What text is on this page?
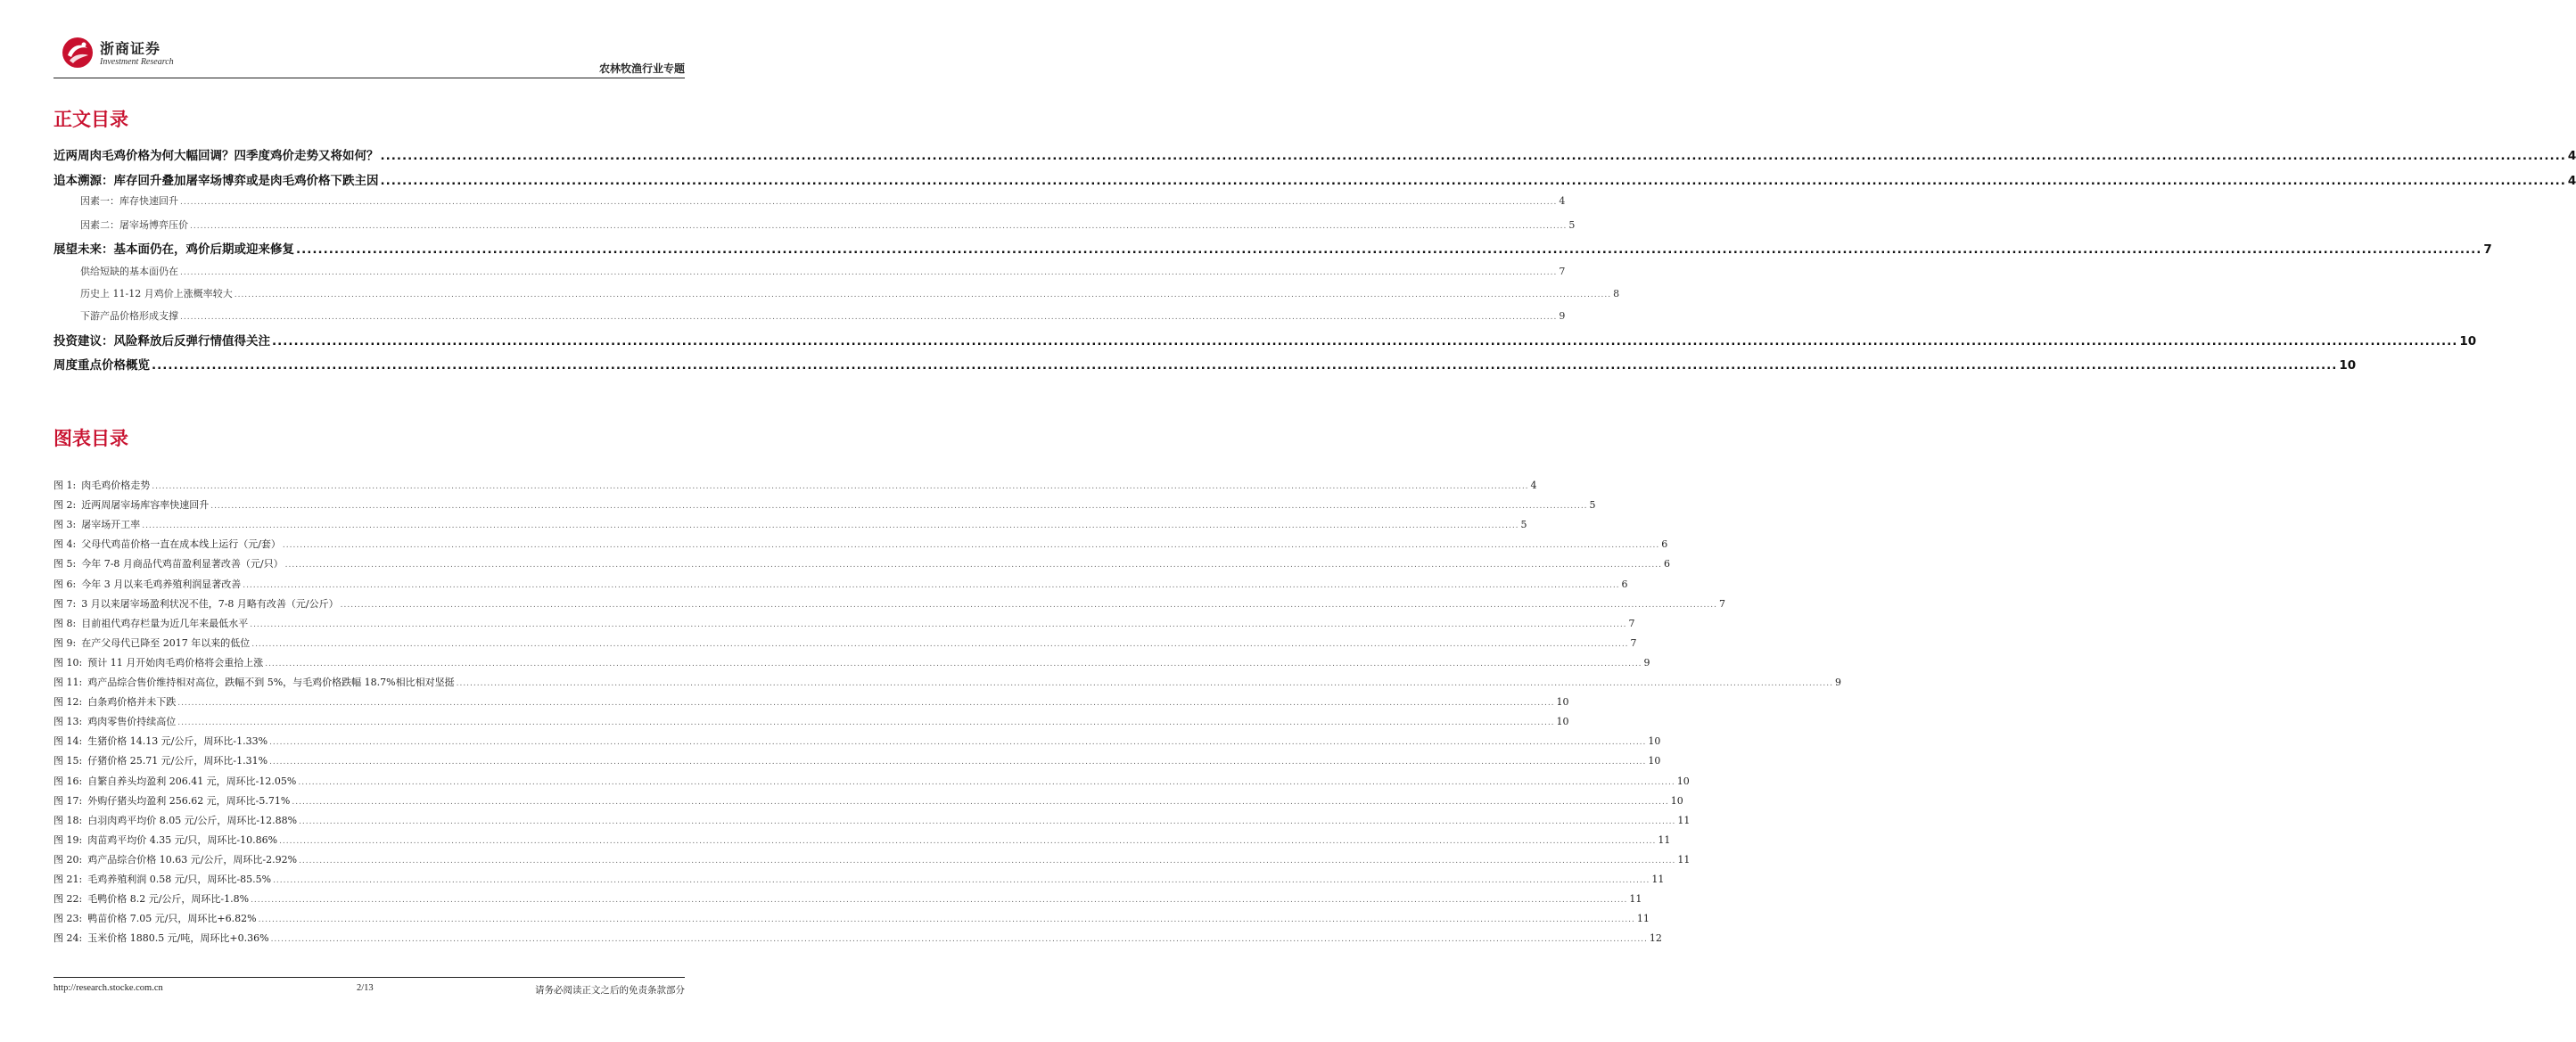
浙商证券
Investment Research
农林牧渔行业专题
正文目录
近两周肉毛鸡价格为何大幅回调？四季度鸡价走势又将如何？ ................................................................................................................................................................................................................................................................................................................................................................................................................ 4
追本溯源：库存回升叠加屠宰场博弈或是肉毛鸡价格下跌主因 ................................................................................................................................................................................................................................................................................................................................................................................................................ 4
因素一：库存快速回升 ................................................................................................................................................................................................................................................................................................................................................................................................................ 4
因素二：屠宰场博弈压价 ................................................................................................................................................................................................................................................................................................................................................................................................................ 5
展望未来：基本面仍在，鸡价后期或迎来修复 ................................................................................................................................................................................................................................................................................................................................................................................................................ 7
供给短缺的基本面仍在 ................................................................................................................................................................................................................................................................................................................................................................................................................ 7
历史上 11-12 月鸡价上涨概率较大 ................................................................................................................................................................................................................................................................................................................................................................................................................ 8
下游产品价格形成支撑 ................................................................................................................................................................................................................................................................................................................................................................................................................ 9
投资建议：风险释放后反弹行情值得关注 ................................................................................................................................................................................................................................................................................................................................................................................................................ 10
周度重点价格概览 ................................................................................................................................................................................................................................................................................................................................................................................................................ 10
图表目录
图 1: 肉毛鸡价格走势 ................................................................................................................................................................................................................................................................................................................................................................................................................ 4
图 2: 近两周屠宰场库容率快速回升 ................................................................................................................................................................................................................................................................................................................................................................................................................ 5
图 3: 屠宰场开工率 ................................................................................................................................................................................................................................................................................................................................................................................................................ 5
图 4: 父母代鸡苗价格一直在成本线上运行（元/套） ................................................................................................................................................................................................................................................................................................................................................................................................................ 6
图 5: 今年 7-8 月商品代鸡苗盈利显著改善（元/只） ................................................................................................................................................................................................................................................................................................................................................................................................................ 6
图 6: 今年 3 月以来毛鸡养殖利润显著改善 ................................................................................................................................................................................................................................................................................................................................................................................................................ 6
图 7: 3 月以来屠宰场盈利状况不佳，7-8 月略有改善（元/公斤） ................................................................................................................................................................................................................................................................................................................................................................................................................ 7
图 8: 目前祖代鸡存栏量为近几年来最低水平 ................................................................................................................................................................................................................................................................................................................................................................................................................ 7
图 9: 在产父母代已降至 2017 年以来的低位 ................................................................................................................................................................................................................................................................................................................................................................................................................ 7
图 10: 预计 11 月开始肉毛鸡价格将会重拾上涨 ................................................................................................................................................................................................................................................................................................................................................................................................................ 9
图 11: 鸡产品综合售价维持相对高位，跌幅不到 5%，与毛鸡价格跌幅 18.7%相比相对坚挺 ................................................................................................................................................................................................................................................................................................................................................................................................................ 9
图 12: 白条鸡价格并未下跌 ................................................................................................................................................................................................................................................................................................................................................................................................................ 10
图 13: 鸡肉零售价持续高位 ................................................................................................................................................................................................................................................................................................................................................................................................................ 10
图 14: 生猪价格 14.13 元/公斤，周环比-1.33% ................................................................................................................................................................................................................................................................................................................................................................................................................ 10
图 15: 仔猪价格 25.71 元/公斤，周环比-1.31% ................................................................................................................................................................................................................................................................................................................................................................................................................ 10
图 16: 自繁自养头均盈利 206.41 元，周环比-12.05% ................................................................................................................................................................................................................................................................................................................................................................................................................ 10
图 17: 外购仔猪头均盈利 256.62 元，周环比-5.71% ................................................................................................................................................................................................................................................................................................................................................................................................................ 10
图 18: 白羽肉鸡平均价 8.05 元/公斤，周环比-12.88% ................................................................................................................................................................................................................................................................................................................................................................................................................ 11
图 19: 肉苗鸡平均价 4.35 元/只，周环比-10.86% ................................................................................................................................................................................................................................................................................................................................................................................................................ 11
图 20: 鸡产品综合价格 10.63 元/公斤，周环比-2.92% ................................................................................................................................................................................................................................................................................................................................................................................................................ 11
图 21: 毛鸡养殖利润 0.58 元/只，周环比-85.5% ................................................................................................................................................................................................................................................................................................................................................................................................................ 11
图 22: 毛鸭价格 8.2 元/公斤，周环比-1.8% ................................................................................................................................................................................................................................................................................................................................................................................................................ 11
图 23: 鸭苗价格 7.05 元/只，周环比+6.82% ................................................................................................................................................................................................................................................................................................................................................................................................................ 11
图 24: 玉米价格 1880.5 元/吨，周环比+0.36% ................................................................................................................................................................................................................................................................................................................................................................................................................ 12
http://research.stocke.com.cn	2/13	请务必阅读正文之后的免责条款部分
